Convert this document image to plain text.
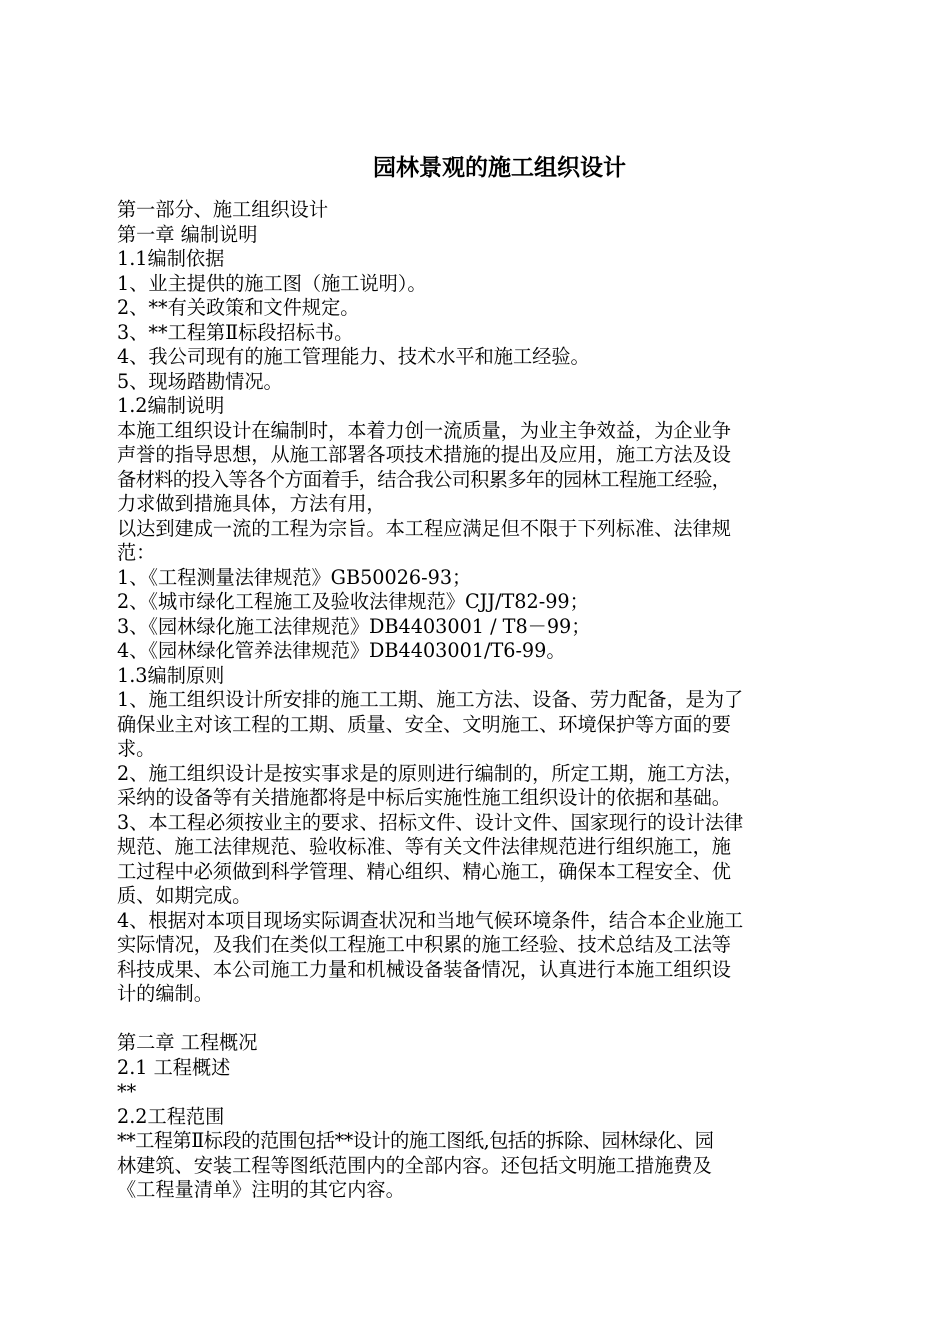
园林景观的施工组织设计
第一部分、施工组织设计
第一章 编制说明
1.1编制依据
1、业主提供的施工图（施工说明）。
2、**有关政策和文件规定。
3、**工程第Ⅱ标段招标书。
4、我公司现有的施工管理能力、技术水平和施工经验。
5、现场踏勘情况。
1.2编制说明
本施工组织设计在编制时，本着力创一流质量，为业主争效益，为企业争
声誉的指导思想，从施工部署各项技术措施的提出及应用，施工方法及设
备材料的投入等各个方面着手，结合我公司积累多年的园林工程施工经验，
力求做到措施具体，方法有用，
以达到建成一流的工程为宗旨。本工程应满足但不限于下列标准、法律规
范：
1、《工程测量法律规范》GB50026-93；
2、《城市绿化工程施工及验收法律规范》CJJ/T82-99；
3、《园林绿化施工法律规范》DB4403001 / T8－99；
4、《园林绿化管养法律规范》DB4403001/T6-99。
1.3编制原则
1、施工组织设计所安排的施工工期、施工方法、设备、劳力配备，是为了
确保业主对该工程的工期、质量、安全、文明施工、环境保护等方面的要
求。
2、施工组织设计是按实事求是的原则进行编制的，所定工期，施工方法，
采纳的设备等有关措施都将是中标后实施性施工组织设计的依据和基础。
3、本工程必须按业主的要求、招标文件、设计文件、国家现行的设计法律
规范、施工法律规范、验收标准、等有关文件法律规范进行组织施工，施
工过程中必须做到科学管理、精心组织、精心施工，确保本工程安全、优
质、如期完成。
4、根据对本项目现场实际调查状况和当地气候环境条件，结合本企业施工
实际情况，及我们在类似工程施工中积累的施工经验、技术总结及工法等
科技成果、本公司施工力量和机械设备装备情况，认真进行本施工组织设
计的编制。
第二章 工程概况
2.1 工程概述
**
2.2工程范围
**工程第Ⅱ标段的范围包括**设计的施工图纸,包括的拆除、园林绿化、园
林建筑、安装工程等图纸范围内的全部内容。还包括文明施工措施费及
《工程量清单》注明的其它内容。
